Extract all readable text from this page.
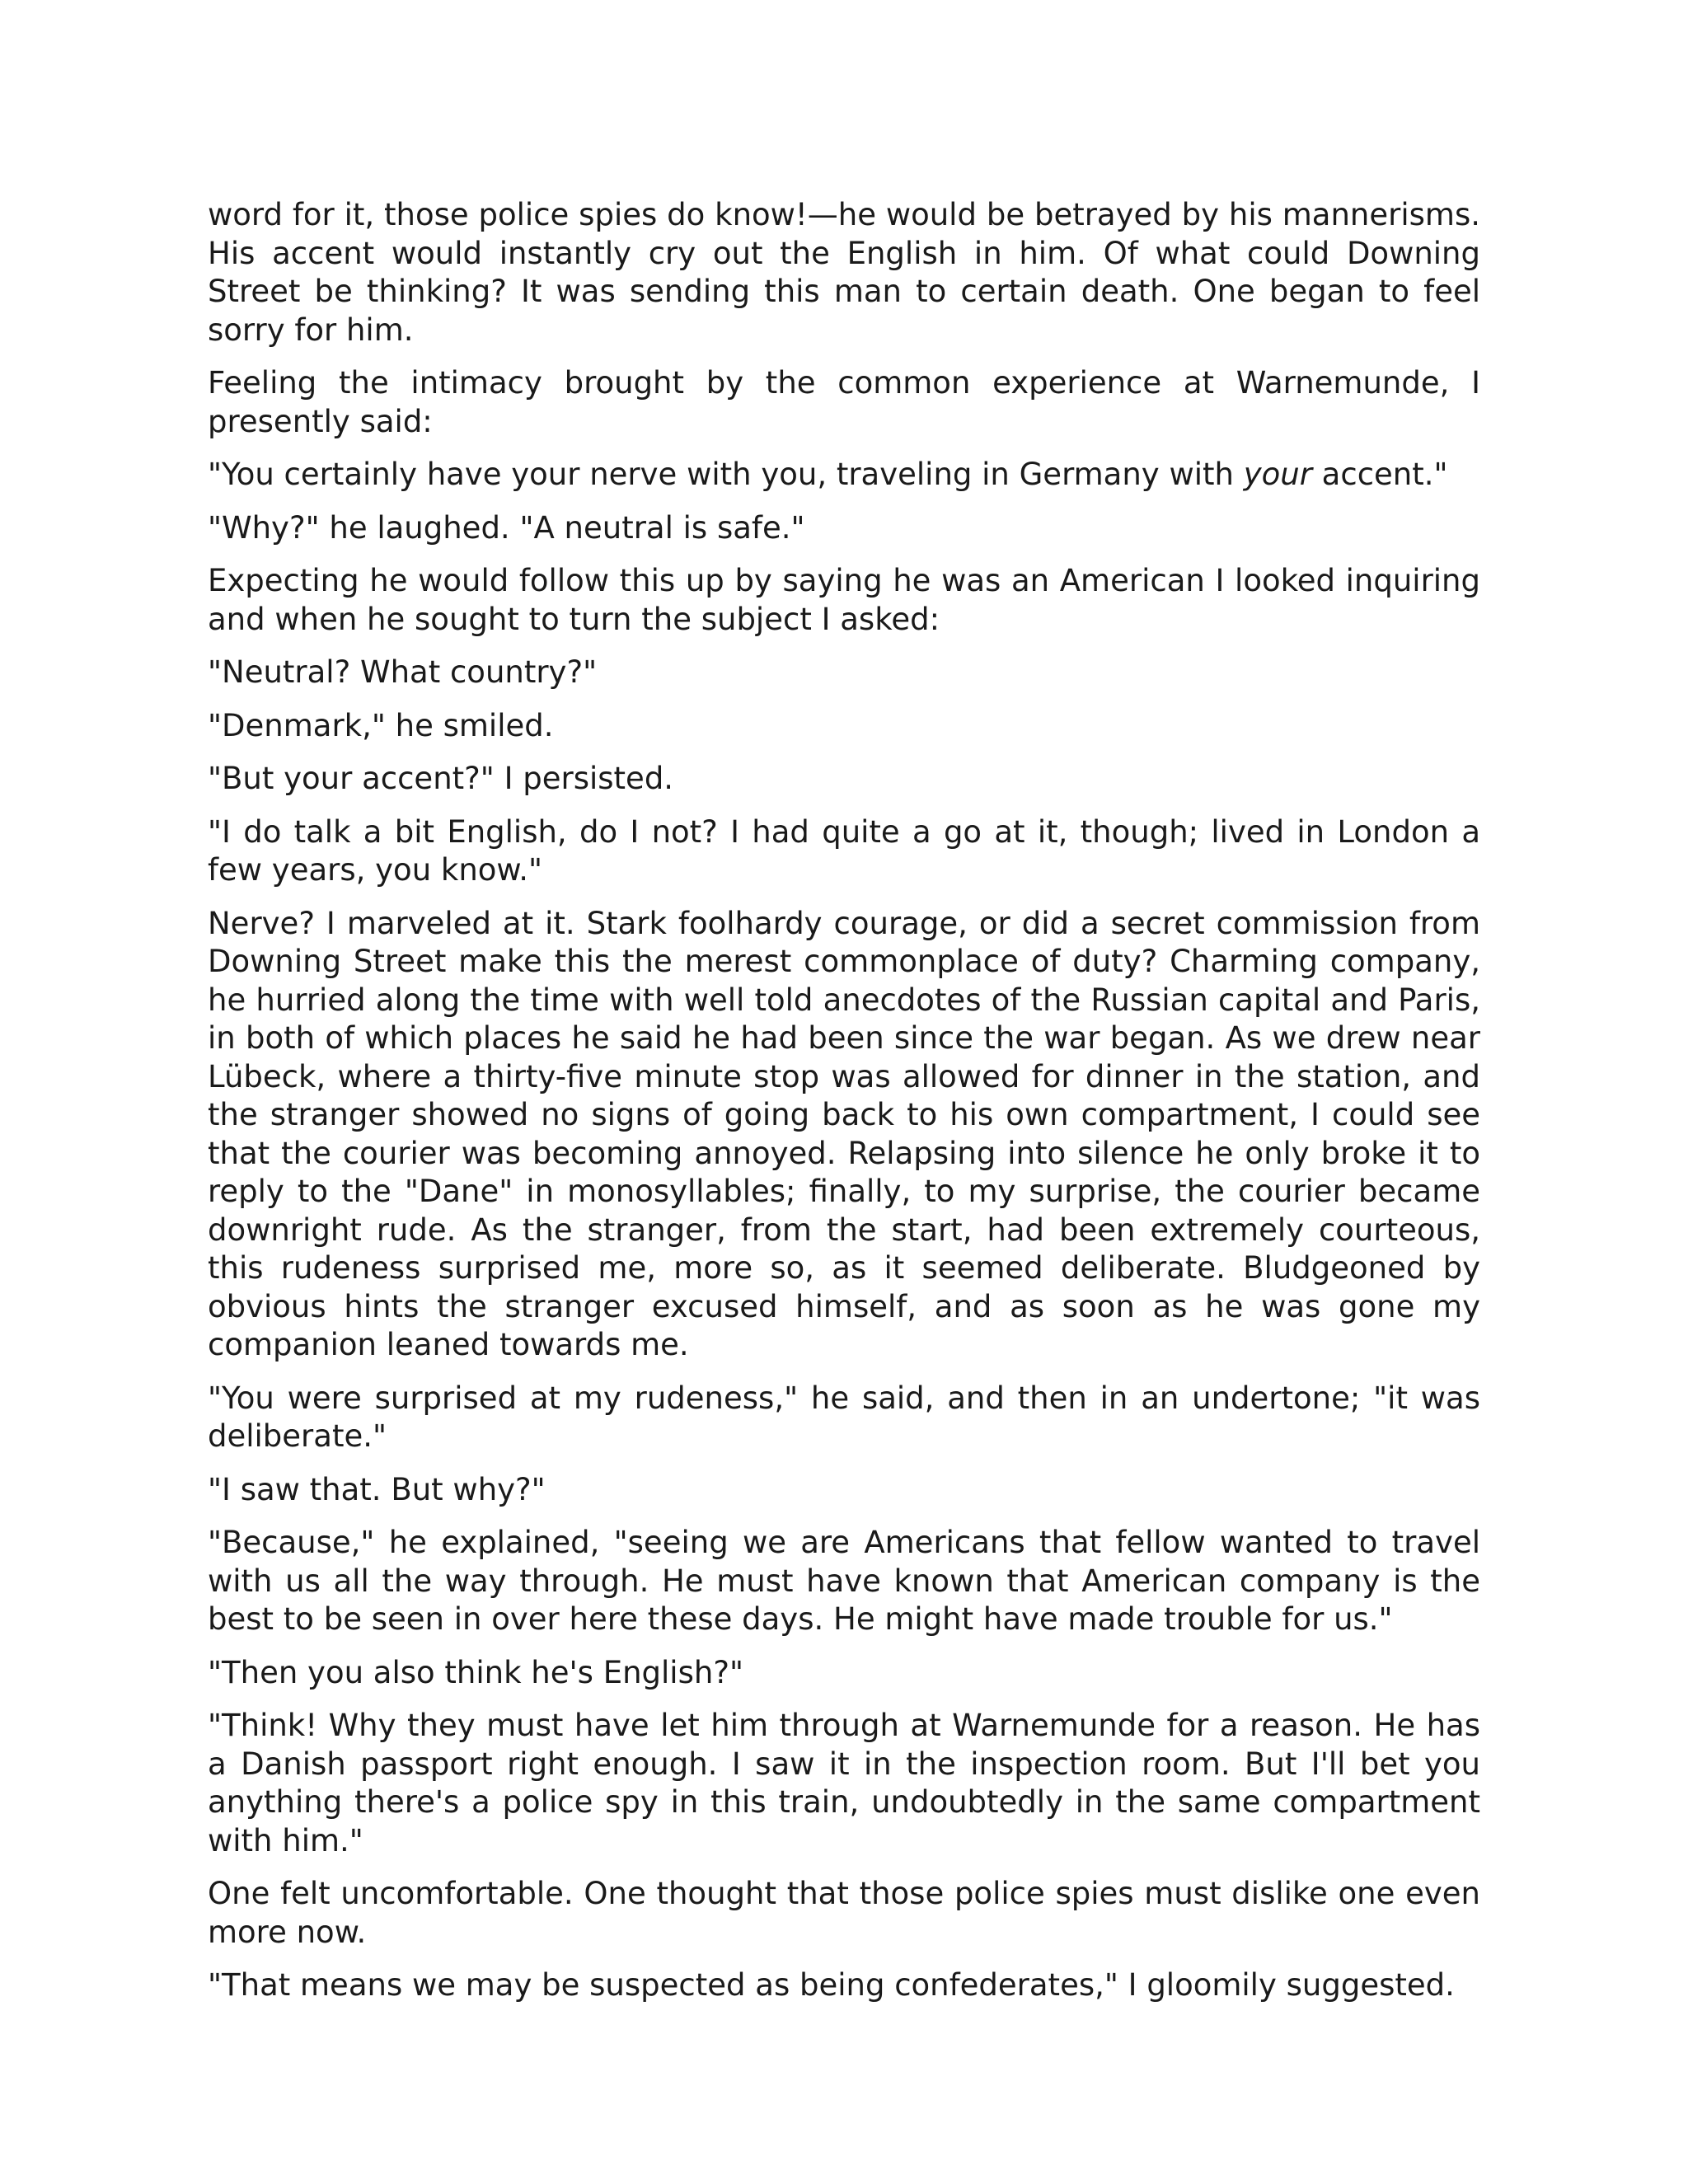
word for it, those police spies do know!—he would be betrayed by his mannerisms. His accent would instantly cry out the English in him. Of what could Downing Street be thinking? It was sending this man to certain death. One began to feel sorry for him.

Feeling the intimacy brought by the common experience at Warnemunde, I presently said:

"You certainly have your nerve with you, traveling in Germany with your accent."

"Why?" he laughed. "A neutral is safe."

Expecting he would follow this up by saying he was an American I looked inquiring and when he sought to turn the subject I asked:

"Neutral? What country?"

"Denmark," he smiled.

"But your accent?" I persisted.

"I do talk a bit English, do I not? I had quite a go at it, though; lived in London a few years, you know."

Nerve? I marveled at it. Stark foolhardy courage, or did a secret commission from Downing Street make this the merest commonplace of duty? Charming company, he hurried along the time with well told anecdotes of the Russian capital and Paris, in both of which places he said he had been since the war began. As we drew near Lübeck, where a thirty-five minute stop was allowed for dinner in the station, and the stranger showed no signs of going back to his own compartment, I could see that the courier was becoming annoyed. Relapsing into silence he only broke it to reply to the "Dane" in monosyllables; finally, to my surprise, the courier became downright rude. As the stranger, from the start, had been extremely courteous, this rudeness surprised me, more so, as it seemed deliberate. Bludgeoned by obvious hints the stranger excused himself, and as soon as he was gone my companion leaned towards me.

"You were surprised at my rudeness," he said, and then in an undertone; "it was deliberate."

"I saw that. But why?"

"Because," he explained, "seeing we are Americans that fellow wanted to travel with us all the way through. He must have known that American company is the best to be seen in over here these days. He might have made trouble for us."

"Then you also think he's English?"

"Think! Why they must have let him through at Warnemunde for a reason. He has a Danish passport right enough. I saw it in the inspection room. But I'll bet you anything there's a police spy in this train, undoubtedly in the same compartment with him."

One felt uncomfortable. One thought that those police spies must dislike one even more now.

"That means we may be suspected as being confederates," I gloomily suggested.
